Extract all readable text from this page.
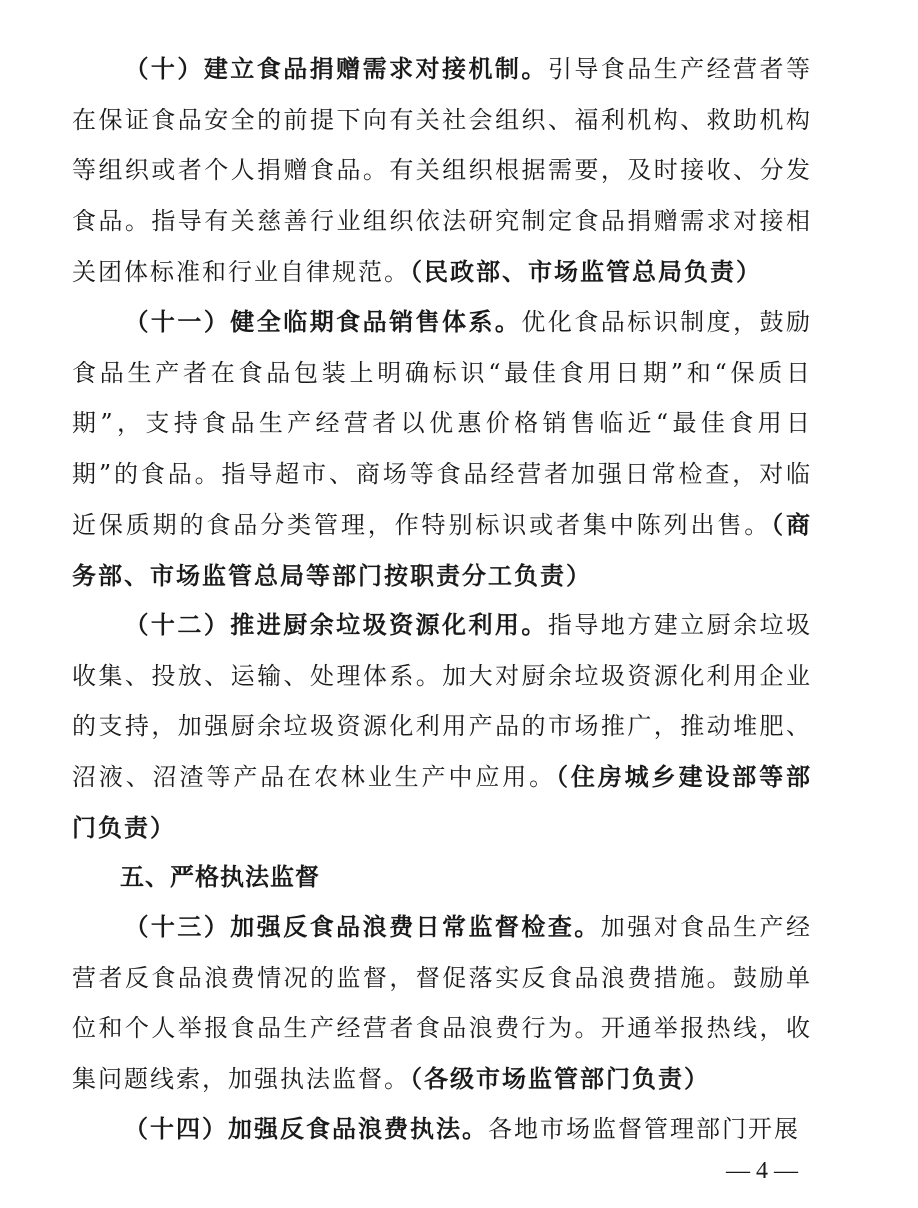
（十）建立食品捐赠需求对接机制。引导食品生产经营者等在保证食品安全的前提下向有关社会组织、福利机构、救助机构等组织或者个人捐赠食品。有关组织根据需要，及时接收、分发食品。指导有关慈善行业组织依法研究制定食品捐赠需求对接相关团体标准和行业自律规范。（民政部、市场监管总局负责）

（十一）健全临期食品销售体系。优化食品标识制度，鼓励食品生产者在食品包装上明确标识“最佳食用日期”和“保质日期”，支持食品生产经营者以优惠价格销售临近“最佳食用日期”的食品。指导超市、商场等食品经营者加强日常检查，对临近保质期的食品分类管理，作特别标识或者集中陈列出售。（商务部、市场监管总局等部门按职责分工负责）

（十二）推进厨余垃圾资源化利用。指导地方建立厨余垃圾收集、投放、运输、处理体系。加大对厨余垃圾资源化利用企业的支持，加强厨余垃圾资源化利用产品的市场推广，推动堆肥、沼液、沼渣等产品在农林业生产中应用。（住房城乡建设部等部门负责）

五、严格执法监督

（十三）加强反食品浪费日常监督检查。加强对食品生产经营者反食品浪费情况的监督，督促落实反食品浪费措施。鼓励单位和个人举报食品生产经营者食品浪费行为。开通举报热线，收集问题线索，加强执法监督。（各级市场监管部门负责）

（十四）加强反食品浪费执法。各地市场监督管理部门开展

— 4 —
